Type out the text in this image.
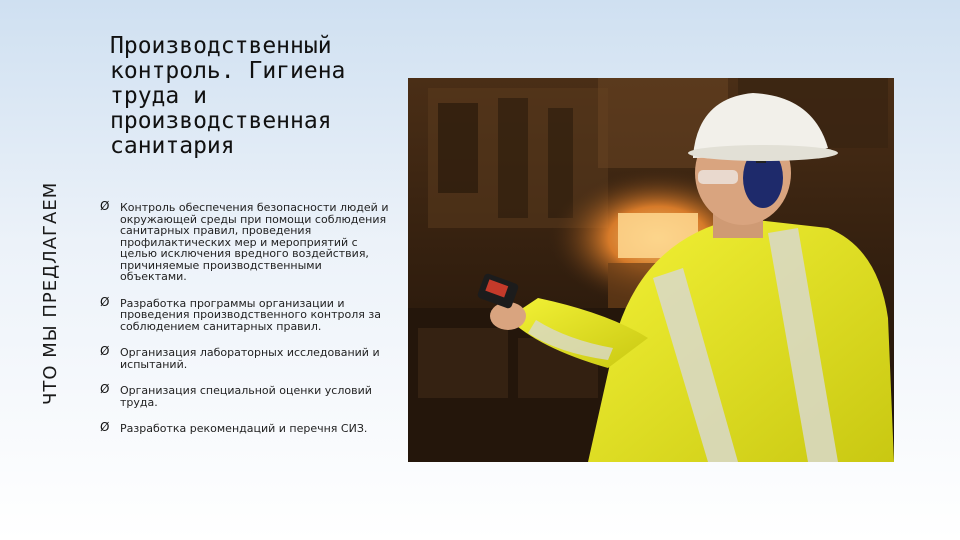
ЧТО МЫ ПРЕДЛАГАЕМ
Производственный контроль. Гигиена труда и производственная санитария
Ø Контроль обеспечения безопасности людей и окружающей среды при помощи соблюдения санитарных правил, проведения профилактических мер и мероприятий с целью исключения вредного воздействия, причиняемые производственными объектами.
Ø Разработка программы организации и проведения производственного контроля за соблюдением санитарных правил.
Ø Организация лабораторных исследований и испытаний.
Ø Организация специальной оценки условий труда.
Ø Разработка рекомендаций и перечня СИЗ.
